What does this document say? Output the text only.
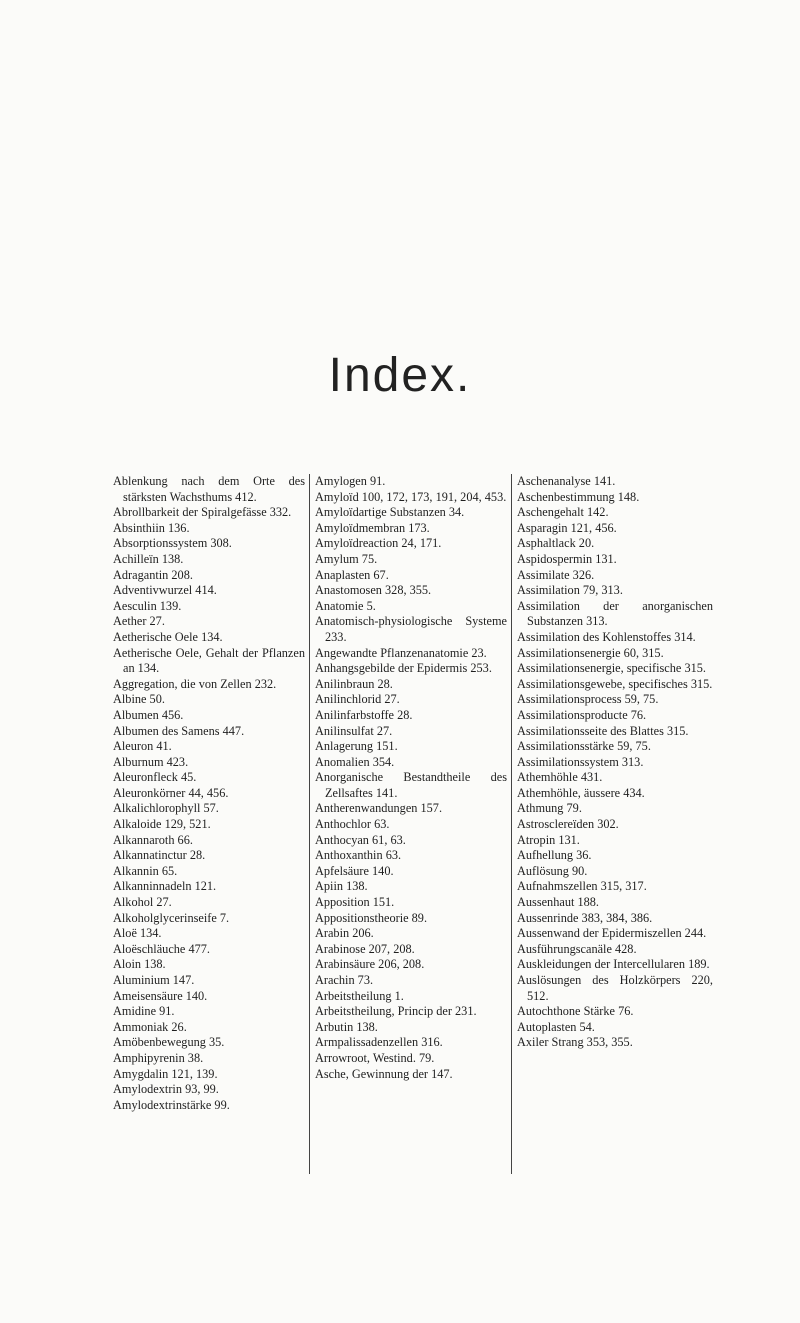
Index.

Ablenkung nach dem Orte des stärksten Wachsthums 412.

Abrollbarkeit der Spiralgefässe 332.

Absinthiin 136.

Absorptionssystem 308.

Achilleïn 138.

Adragantin 208.

Adventivwurzel 414.

Aesculin 139.

Aether 27.

Aetherische Oele 134.

Aetherische Oele, Gehalt der Pflanzen an 134.

Aggregation, die von Zellen 232.

Albine 50.

Albumen 456.

Albumen des Samens 447.

Aleuron 41.

Alburnum 423.

Aleuronfleck 45.

Aleuronkörner 44, 456.

Alkalichlorophyll 57.

Alkaloide 129, 521.

Alkannaroth 66.

Alkannatinctur 28.

Alkannin 65.

Alkanninnadeln 121.

Alkohol 27.

Alkoholglycerinseife 7.

Aloë 134.

Aloëschläuche 477.

Aloin 138.

Aluminium 147.

Ameisensäure 140.

Amidine 91.

Ammoniak 26.

Amöbenbewegung 35.

Amphipyrenin 38.

Amygdalin 121, 139.

Amylodextrin 93, 99.

Amylodextrinstärke 99.

Amylogen 91.

Amyloïd 100, 172, 173, 191, 204, 453.

Amyloïdartige Substanzen 34.

Amyloïdmembran 173.

Amyloïdreaction 24, 171.

Amylum 75.

Anaplasten 67.

Anastomosen 328, 355.

Anatomie 5.

Anatomisch-physiologische Systeme 233.

Angewandte Pflanzenanatomie 23.

Anhangsgebilde der Epidermis 253.

Anilinbraun 28.

Anilinchlorid 27.

Anilinfarbstoffe 28.

Anilinsulfat 27.

Anlagerung 151.

Anomalien 354.

Anorganische Bestandtheile des Zellsaftes 141.

Antherenwandungen 157.

Anthochlor 63.

Anthocyan 61, 63.

Anthoxanthin 63.

Apfelsäure 140.

Apiin 138.

Apposition 151.

Appositionstheorie 89.

Arabin 206.

Arabinose 207, 208.

Arabinsäure 206, 208.

Arachin 73.

Arbeitstheilung 1.

Arbeitstheilung, Princip der 231.

Arbutin 138.

Armpalissadenzellen 316.

Arrowroot, Westind. 79.

Asche, Gewinnung der 147.

Aschenanalyse 141.

Aschenbestimmung 148.

Aschengehalt 142.

Asparagin 121, 456.

Asphaltlack 20.

Aspidospermin 131.

Assimilate 326.

Assimilation 79, 313.

Assimilation der anorganischen Substanzen 313.

Assimilation des Kohlenstoffes 314.

Assimilationsenergie 60, 315.

Assimilationsenergie, specifische 315.

Assimilationsgewebe, specifisches 315.

Assimilationsprocess 59, 75.

Assimilationsproducte 76.

Assimilationsseite des Blattes 315.

Assimilationsstärke 59, 75.

Assimilationssystem 313.

Athemhöhle 431.

Athemhöhle, äussere 434.

Athmung 79.

Astrosclereïden 302.

Atropin 131.

Aufhellung 36.

Auflösung 90.

Aufnahmszellen 315, 317.

Aussenhaut 188.

Aussenrinde 383, 384, 386.

Aussenwand der Epidermiszellen 244.

Ausführungscanäle 428.

Auskleidungen der Intercellularen 189.

Auslösungen des Holzkörpers 220, 512.

Autochthone Stärke 76.

Autoplasten 54.

Axiler Strang 353, 355.
